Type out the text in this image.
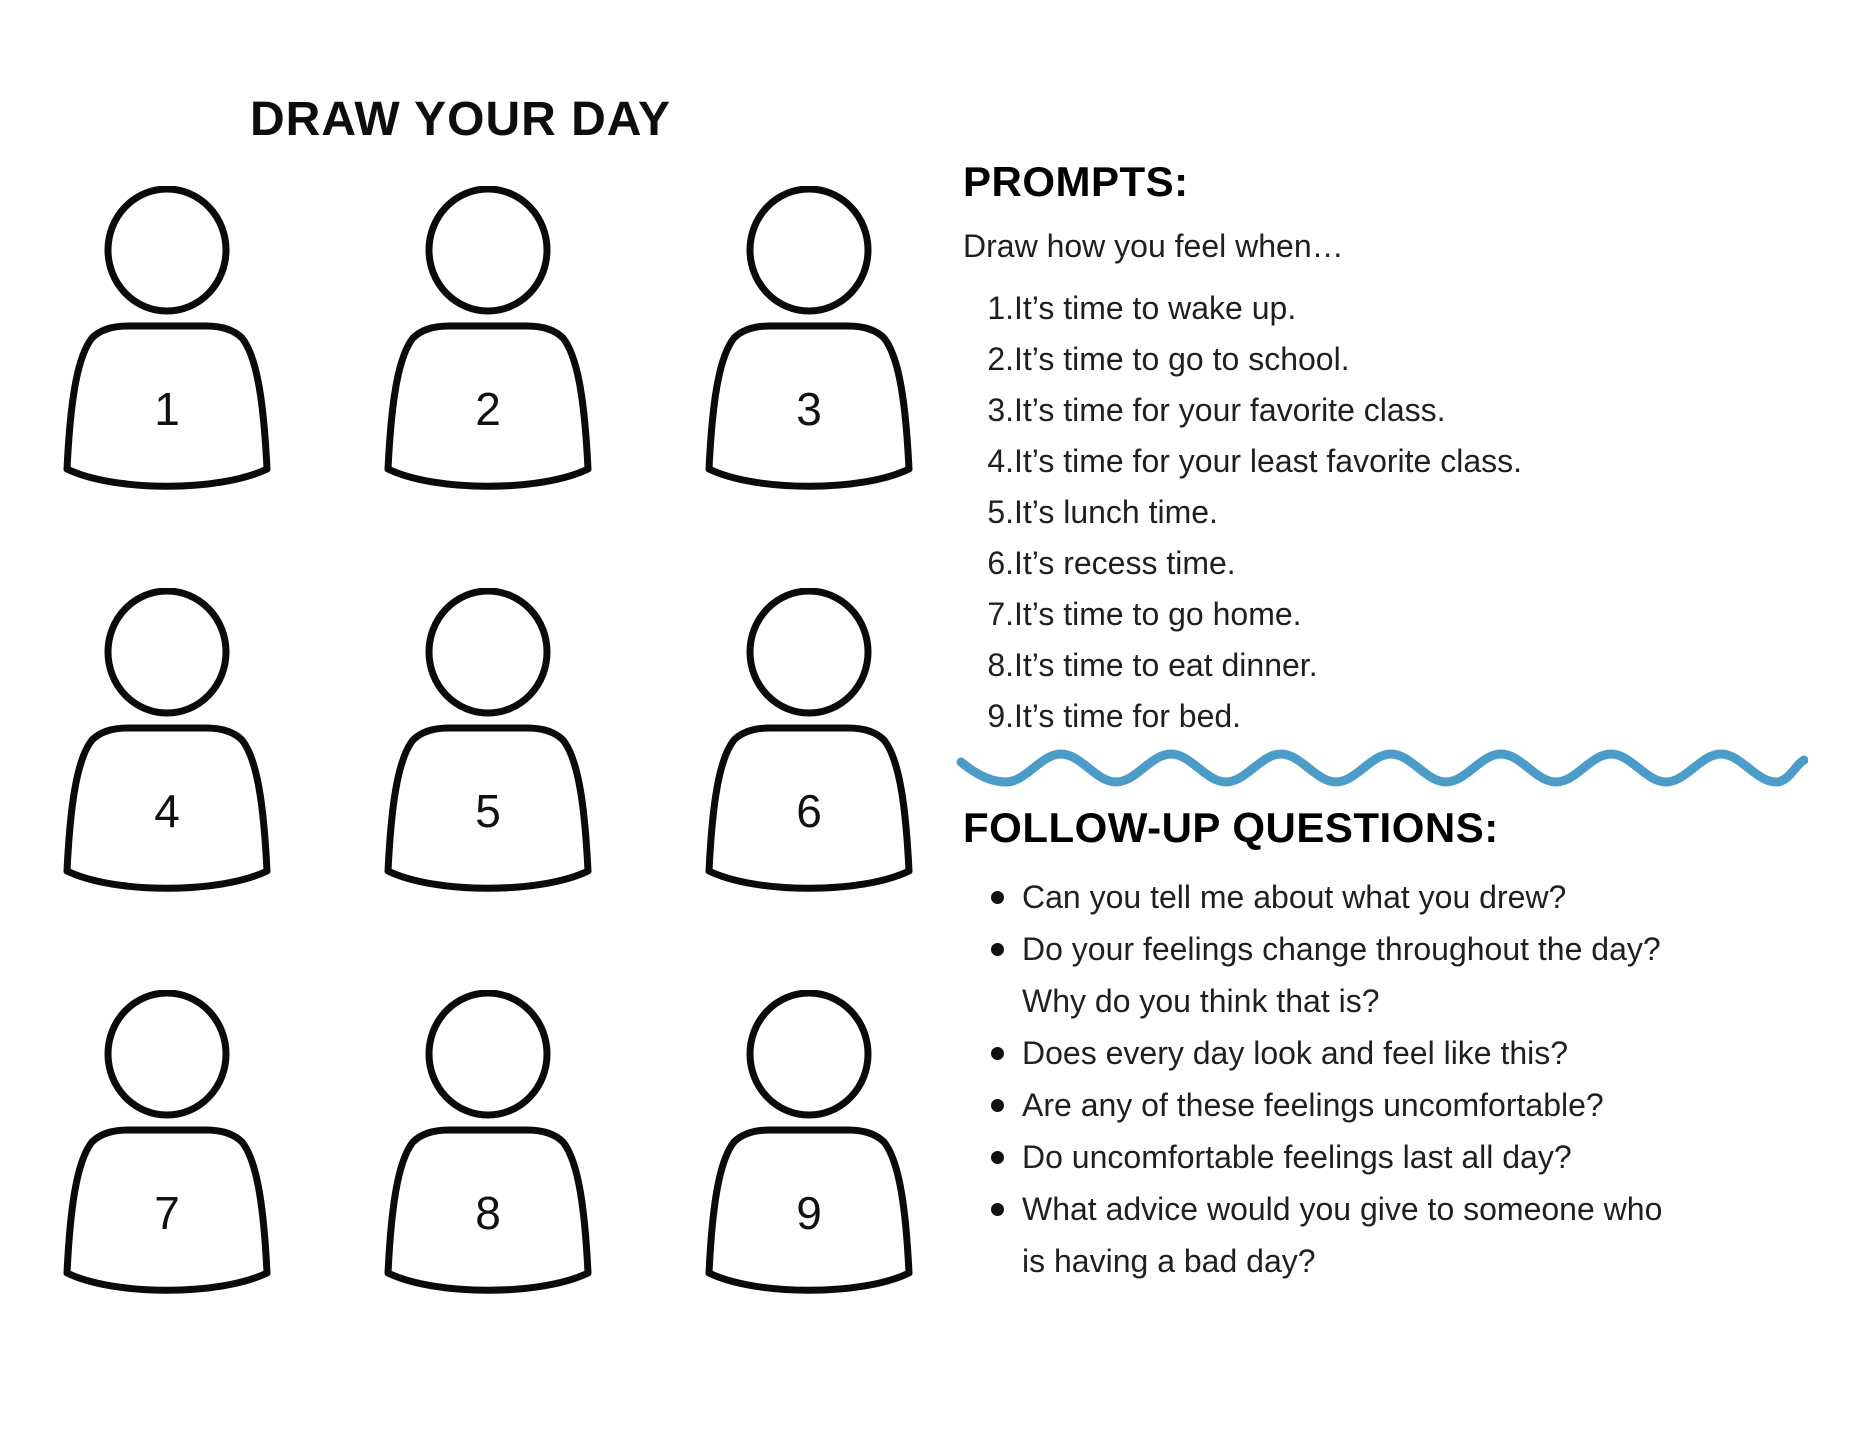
DRAW YOUR DAY
1	2	3
4	5	6
7	8	9
PROMPTS:
Draw how you feel when…
1. It’s time to wake up.
2. It’s time to go to school.
3. It’s time for your favorite class.
4. It’s time for your least favorite class.
5. It’s lunch time.
6. It’s recess time.
7. It’s time to go home.
8. It’s time to eat dinner.
9. It’s time for bed.
FOLLOW-UP QUESTIONS:
Can you tell me about what you drew?
Do your feelings change throughout the day?
Why do you think that is?
Does every day look and feel like this?
Are any of these feelings uncomfortable?
Do uncomfortable feelings last all day?
What advice would you give to someone who
is having a bad day?
